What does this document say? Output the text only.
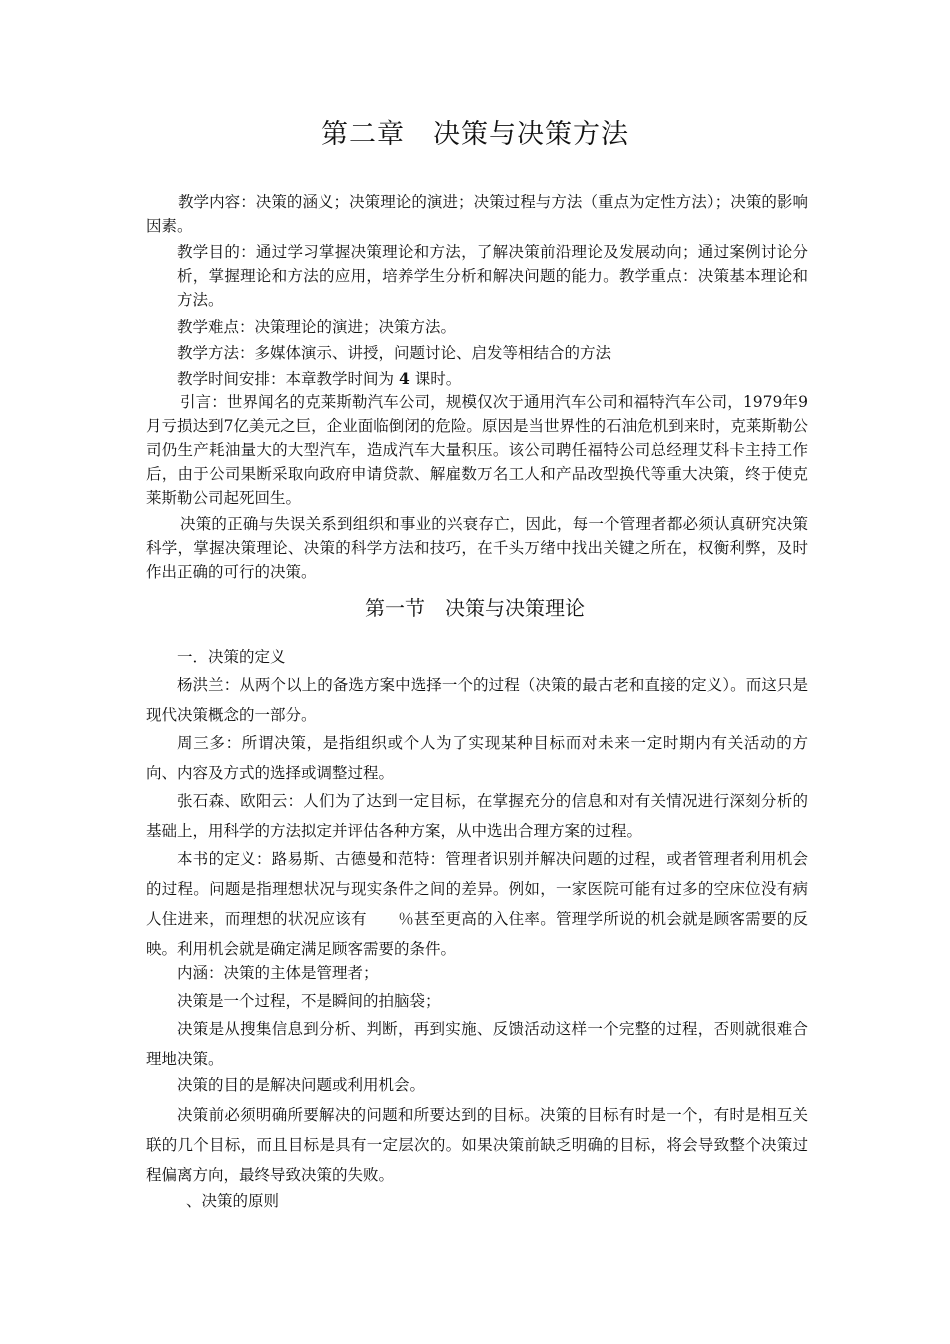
第二章　决策与决策方法
教学内容：决策的涵义；决策理论的演进；决策过程与方法（重点为定性方法）；决策的影响因素。
教学目的：通过学习掌握决策理论和方法，了解决策前沿理论及发展动向；通过案例讨论分析，掌握理论和方法的应用，培养学生分析和解决问题的能力。教学重点：决策基本理论和方法。
教学难点：决策理论的演进；决策方法。
教学方法：多媒体演示、讲授，问题讨论、启发等相结合的方法
教学时间安排：本章教学时间为 4 课时。
引言：世界闻名的克莱斯勒汽车公司，规模仅次于通用汽车公司和福特汽车公司，1979年9月亏损达到7亿美元之巨，企业面临倒闭的危险。原因是当世界性的石油危机到来时，克莱斯勒公司仍生产耗油量大的大型汽车，造成汽车大量积压。该公司聘任福特公司总经理艾科卡主持工作后，由于公司果断采取向政府申请贷款、解雇数万名工人和产品改型换代等重大决策，终于使克莱斯勒公司起死回生。
决策的正确与失误关系到组织和事业的兴衰存亡，因此，每一个管理者都必须认真研究决策科学，掌握决策理论、决策的科学方法和技巧，在千头万绪中找出关键之所在，权衡利弊，及时作出正确的可行的决策。
第一节　决策与决策理论
一．决策的定义
杨洪兰：从两个以上的备选方案中选择一个的过程（决策的最古老和直接的定义）。而这只是现代决策概念的一部分。
周三多：所谓决策，是指组织或个人为了实现某种目标而对未来一定时期内有关活动的方向、内容及方式的选择或调整过程。
张石森、欧阳云：人们为了达到一定目标，在掌握充分的信息和对有关情况进行深刻分析的基础上，用科学的方法拟定并评估各种方案，从中选出合理方案的过程。
本书的定义：路易斯、古德曼和范特：管理者识别并解决问题的过程，或者管理者利用机会的过程。问题是指理想状况与现实条件之间的差异。例如，一家医院可能有过多的空床位没有病人住进来，而理想的状况应该有　　％甚至更高的入住率。管理学所说的机会就是顾客需要的反映。利用机会就是确定满足顾客需要的条件。
内涵：决策的主体是管理者；
决策是一个过程，不是瞬间的拍脑袋；
决策是从搜集信息到分析、判断，再到实施、反馈活动这样一个完整的过程，否则就很难合理地决策。
决策的目的是解决问题或利用机会。
决策前必须明确所要解决的问题和所要达到的目标。决策的目标有时是一个，有时是相互关联的几个目标，而且目标是具有一定层次的。如果决策前缺乏明确的目标，将会导致整个决策过程偏离方向，最终导致决策的失败。
、决策的原则
